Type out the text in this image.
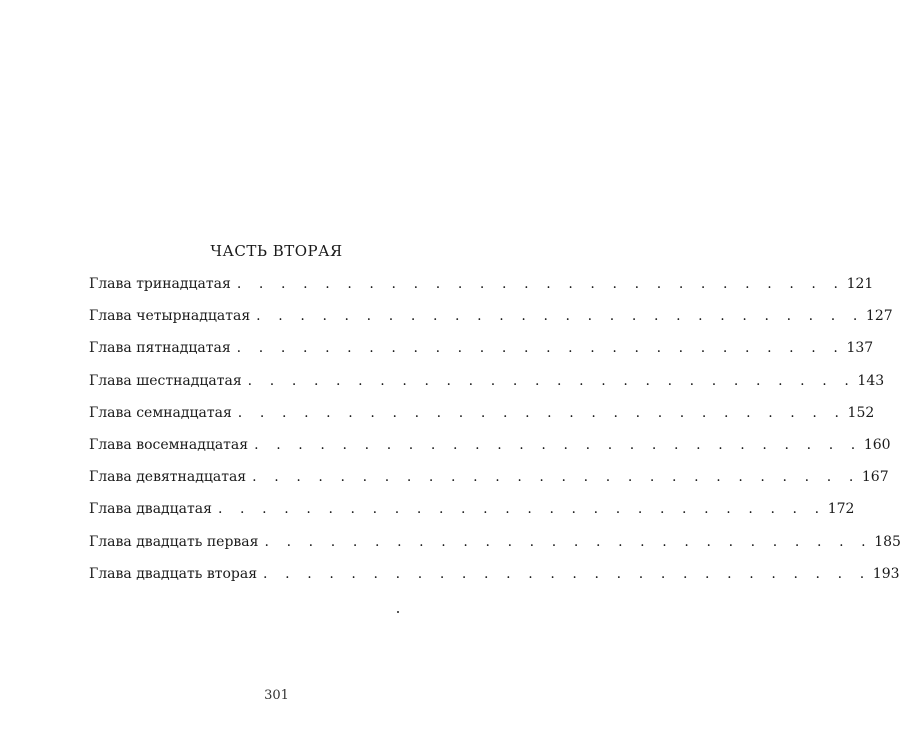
ЧАСТЬ ВТОРАЯ
Глава тринадцатая . . . . . . . . . . . . . . . . . . . . . . . . . . . . 121
Глава четырнадцатая . . . . . . . . . . . . . . . . . . . . . . . . . . . . 127
Глава пятнадцатая . . . . . . . . . . . . . . . . . . . . . . . . . . . . 137
Глава шестнадцатая . . . . . . . . . . . . . . . . . . . . . . . . . . . . 143
Глава семнадцатая . . . . . . . . . . . . . . . . . . . . . . . . . . . . 152
Глава восемнадцатая . . . . . . . . . . . . . . . . . . . . . . . . . . . . 160
Глава девятнадцатая . . . . . . . . . . . . . . . . . . . . . . . . . . . . 167
Глава двадцатая . . . . . . . . . . . . . . . . . . . . . . . . . . . . 172
Глава двадцать первая . . . . . . . . . . . . . . . . . . . . . . . . . . . . 185
Глава двадцать вторая . . . . . . . . . . . . . . . . . . . . . . . . . . . . 193
301
